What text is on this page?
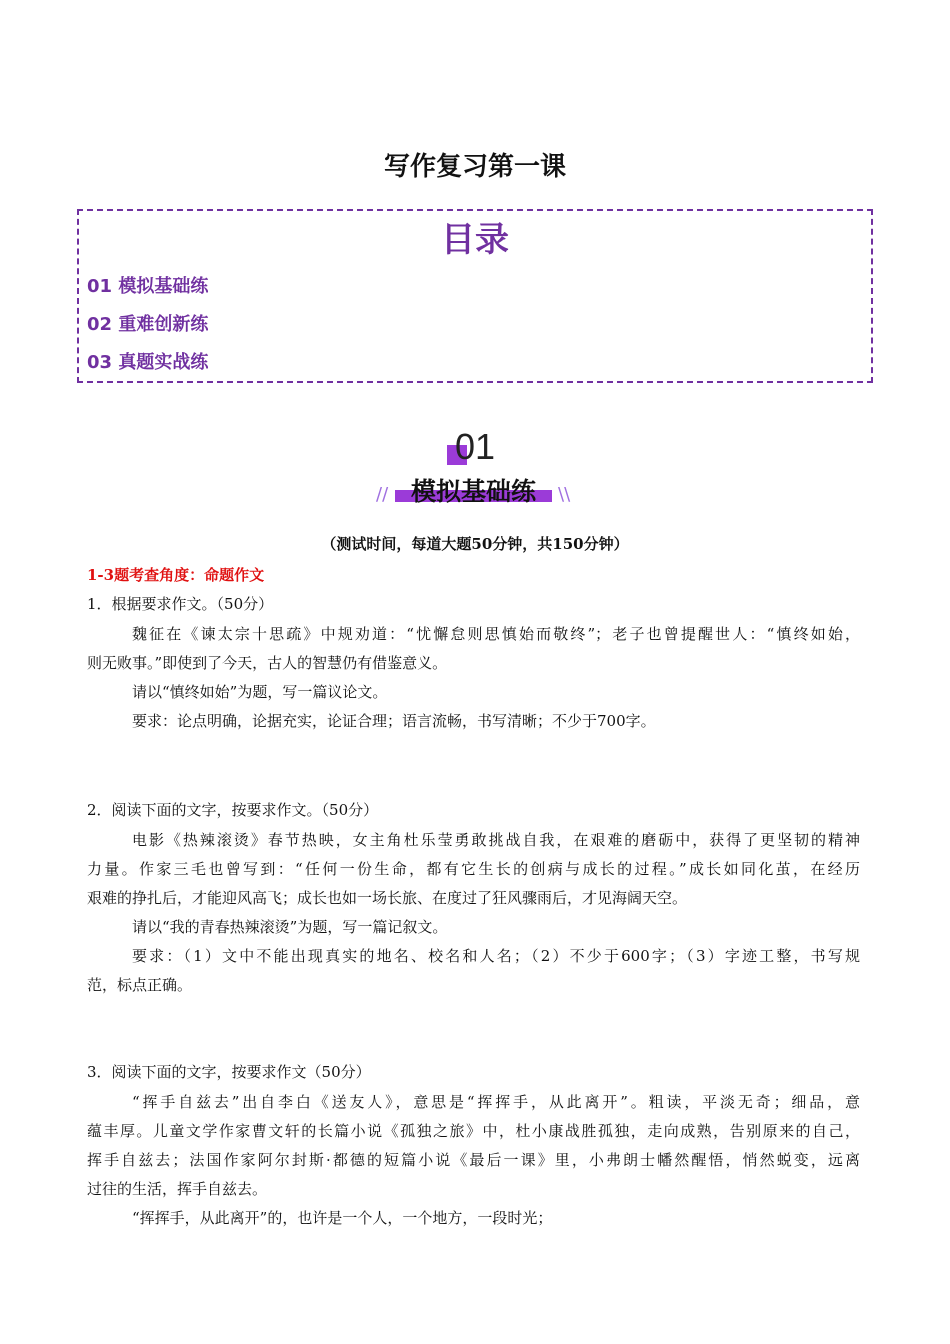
写作复习第一课
目录
01 模拟基础练
02 重难创新练
03 真题实战练
01
模拟基础练
//	\\
（测试时间，每道大题50分钟，共150分钟）
1-3题考查角度：命题作文
1．根据要求作文。（50分）
魏征在《谏太宗十思疏》中规劝道：“忧懈怠则思慎始而敬终”；老子也曾提醒世人：“慎终如始，
则无败事。”即使到了今天，古人的智慧仍有借鉴意义。
请以“慎终如始”为题，写一篇议论文。
要求：论点明确，论据充实，论证合理；语言流畅，书写清晰；不少于700字。
2．阅读下面的文字，按要求作文。（50分）
电影《热辣滚烫》春节热映，女主角杜乐莹勇敢挑战自我，在艰难的磨砺中，获得了更坚韧的精神
力量。作家三毛也曾写到：“任何一份生命，都有它生长的创病与成长的过程。”成长如同化茧，在经历
艰难的挣扎后，才能迎风高飞；成长也如一场长旅、在度过了狂风骤雨后，才见海阔天空。
请以“我的青春热辣滚烫”为题，写一篇记叙文。
要求：（1）文中不能出现真实的地名、校名和人名；（2）不少于600字；（3）字迹工整，书写规
范，标点正确。
3．阅读下面的文字，按要求作文（50分）
“挥手自兹去”出自李白《送友人》，意思是“挥挥手，从此离开”。粗读，平淡无奇；细品，意
蕴丰厚。儿童文学作家曹文轩的长篇小说《孤独之旅》中，杜小康战胜孤独，走向成熟，告别原来的自己，
挥手自兹去；法国作家阿尔封斯·都德的短篇小说《最后一课》里，小弗朗士幡然醒悟，悄然蜕变，远离
过往的生活，挥手自兹去。
“挥挥手，从此离开”的，也许是一个人，一个地方，一段时光；
